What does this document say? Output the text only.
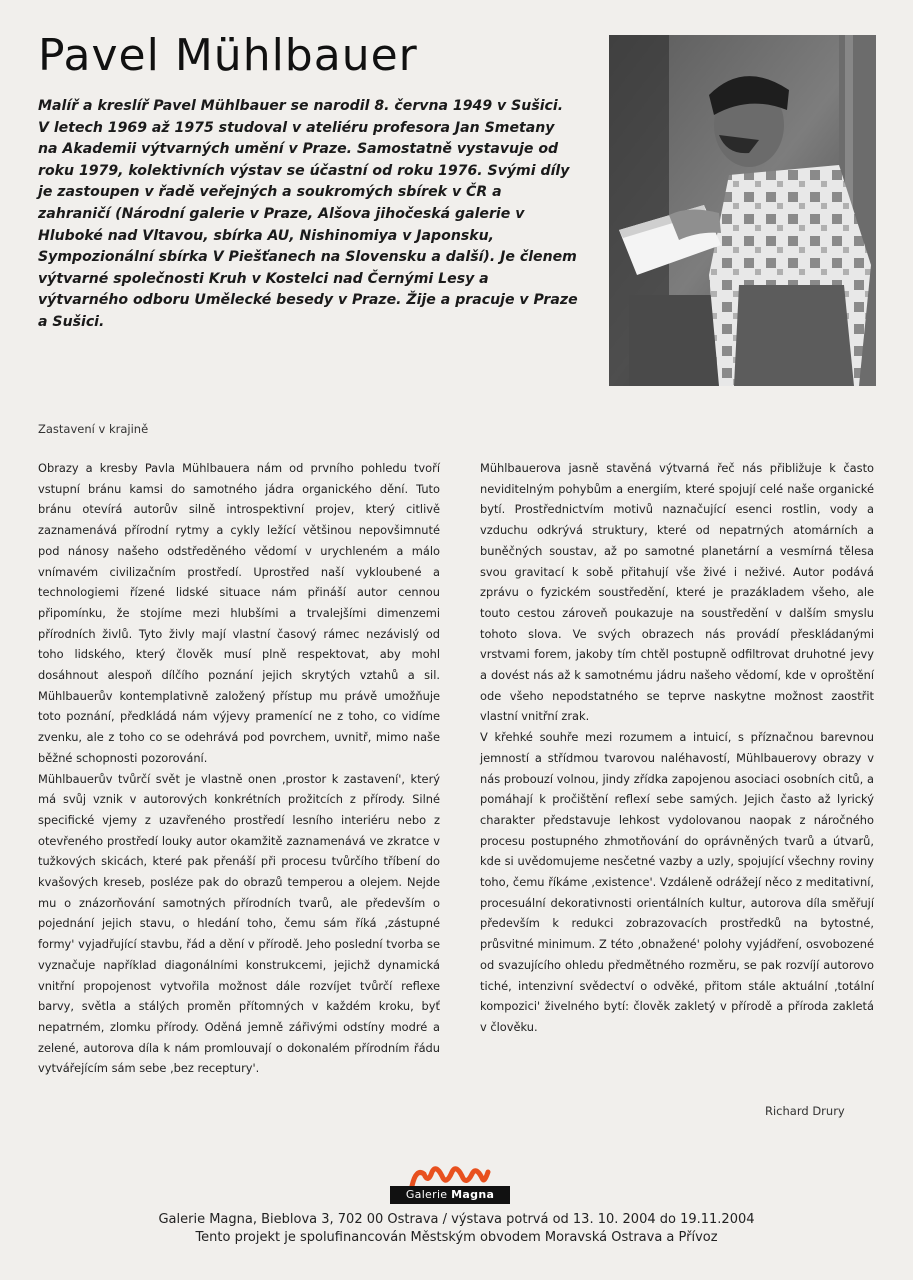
Pavel Mühlbauer

Malíř a kreslíř Pavel Mühlbauer se narodil 8. června 1949 v Sušici. V letech 1969 až 1975 studoval v ateliéru profesora Jan Smetany na Akademii výtvarných umění v Praze. Samostatně vystavuje od roku 1979, kolektivních výstav se účastní od roku 1976. Svými díly je zastoupen v řadě veřejných a soukromých sbírek v ČR a zahraničí (Národní galerie v Praze, Alšova jihočeská galerie v Hluboké nad Vltavou, sbírka AU, Nishinomiya v Japonsku, Sympozionální sbírka V Piešťanech na Slovensku a další). Je členem výtvarné společnosti Kruh v Kostelci nad Černými Lesy a výtvarného odboru Umělecké besedy v Praze. Žije a pracuje v Praze a Sušici.

Zastavení v krajině

Obrazy a kresby Pavla Mühlbauera nám od prvního pohledu tvoří vstupní bránu kamsi do samotného jádra organického dění. Tuto bránu otevírá autorův silně introspektivní projev, který citlivě zaznamenává přírodní rytmy a cykly ležící většinou nepovšimnuté pod nánosy našeho odstředěného vědomí v urychleném a málo vnímavém civilizačním prostředí. Uprostřed naší vykloubené a technologiemi řízené lidské situace nám přináší autor cennou připomínku, že stojíme mezi hlubšími a trvalejšími dimenzemi přírodních živlů. Tyto živly mají vlastní časový rámec nezávislý od toho lidského, který člověk musí plně respektovat, aby mohl dosáhnout alespoň dílčího poznání jejich skrytých vztahů a sil. Mühlbauerův kontemplativně založený přístup mu právě umožňuje toto poznání, předkládá nám výjevy pramenící ne z toho, co vidíme zvenku, ale z toho co se odehrává pod povrchem, uvnitř, mimo naše běžné schopnosti pozorování.

Mühlbauerův tvůrčí svět je vlastně onen ‚prostor k zastavení', který má svůj vznik v autorových konkrétních prožitcích z přírody. Silné specifické vjemy z uzavřeného prostředí lesního interiéru nebo z otevřeného prostředí louky autor okamžitě zaznamenává ve zkratce v tužkových skicách, které pak přenáší při procesu tvůrčího tříbení do kvašových kreseb, posléze pak do obrazů temperou a olejem. Nejde mu o znázorňování samotných přírodních tvarů, ale především o pojednání jejich stavu, o hledání toho, čemu sám říká ‚zástupné formy' vyjadřující stavbu, řád a dění v přírodě. Jeho poslední tvorba se vyznačuje například diagonálními konstrukcemi, jejichž dynamická vnitřní propojenost vytvořila možnost dále rozvíjet tvůrčí reflexe barvy, světla a stálých proměn přítomných v každém kroku, byť nepatrném, zlomku přírody. Oděná jemně zářivými odstíny modré a zelené, autorova díla k nám promlouvají o dokonalém přírodním řádu vytvářejícím sám sebe ‚bez receptury'.

Mühlbauerova jasně stavěná výtvarná řeč nás přibližuje k často neviditelným pohybům a energiím, které spojují celé naše organické bytí. Prostřednictvím motivů naznačující esenci rostlin, vody a vzduchu odkrývá struktury, které od nepatrných atomárních a buněčných soustav, až po samotné planetární a vesmírná tělesa svou gravitací k sobě přitahují vše živé i neživé. Autor podává zprávu o fyzickém soustředění, které je prazákladem všeho, ale touto cestou zároveň poukazuje na soustředění v dalším smyslu tohoto slova. Ve svých obrazech nás provádí přeskládanými vrstvami forem, jakoby tím chtěl postupně odfiltrovat druhotné jevy a dovést nás až k samotnému jádru našeho vědomí, kde v oproštění ode všeho nepodstatného se teprve naskytne možnost zaostřit vlastní vnitřní zrak.

V křehké souhře mezi rozumem a intuicí, s příznačnou barevnou jemností a střídmou tvarovou naléhavostí, Mühlbauerovy obrazy v nás probouzí volnou, jindy zřídka zapojenou asociaci osobních citů, a pomáhají k pročištění reflexí sebe samých. Jejich často až lyrický charakter představuje lehkost vydolovanou naopak z náročného procesu postupného zhmotňování do oprávněných tvarů a útvarů, kde si uvědomujeme nesčetné vazby a uzly, spojující všechny roviny toho, čemu říkáme ‚existence'. Vzdáleně odrážejí něco z meditativní, procesuální dekorativnosti orientálních kultur, autorova díla směřují především k redukci zobrazovacích prostředků na bytostné, průsvitné minimum. Z této ‚obnažené' polohy vyjádření, osvobozené od svazujícího ohledu předmětného rozměru, se pak rozvíjí autorovo tiché, intenzivní svědectví o odvěké, přitom stále aktuální ‚totální kompozici' živelného bytí: člověk zakletý v přírodě a příroda zakletá v člověku.

Richard Drury
Galerie Magna
Galerie Magna, Bieblova 3, 702 00 Ostrava / výstava potrvá od 13. 10. 2004 do 19.11.2004
Tento projekt je spolufinancován Městským obvodem Moravská Ostrava a Přívoz
